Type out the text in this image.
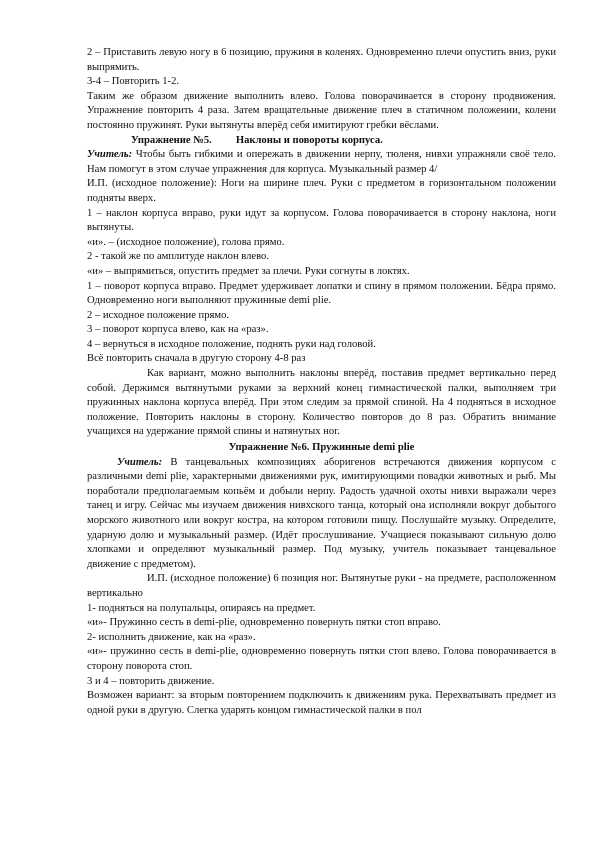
2 – Приставить левую ногу в 6 позицию, пружиня в коленях. Одновременно плечи опустить вниз, руки выпрямить.

3-4 – Повторить 1-2.

Таким же образом движение выполнить влево. Голова поворачивается в сторону продвижения. Упражнение повторить 4 раза. Затем вращательные движение плеч в статичном положении, колени постоянно пружинят. Руки вытянуты вперёд себя имитируют гребки вёслами.

Упражнение №5. Наклоны и повороты корпуса.

Учитель: Чтобы быть гибкими и опережать в движении нерпу, тюленя, нивхи упражняли своё тело. Нам помогут в этом случае упражнения для корпуса. Музыкальный размер 4/

И.П. (исходное положение): Ноги на ширине плеч. Руки с предметом в горизонтальном положении подняты вверх.

1 – наклон корпуса вправо, руки идут за корпусом. Голова поворачивается в сторону наклона, ноги вытянуты.

«и». – (исходное положение), голова прямо.

2 - такой же по амплитуде наклон влево.

«и» – выпрямиться, опустить предмет за плечи. Руки согнуты в локтях.

1 – поворот корпуса вправо. Предмет удерживает лопатки и спину в прямом положении. Бёдра прямо. Одновременно ноги выполняют пружинные demi plie.

2 – исходное положение прямо.

3 – поворот корпуса влево, как на «раз».

4 – вернуться в исходное положение, поднять руки над головой.

Всё повторить сначала в другую сторону 4-8 раз

Как вариант, можно выполнить наклоны вперёд, поставив предмет вертикально перед собой. Держимся вытянутыми руками за верхний конец гимнастической палки, выполняем три пружинных наклона корпуса вперёд. При этом следим за прямой спиной. На 4 подняться в исходное положение. Повторить наклоны в сторону. Количество повторов до 8 раз. Обратить внимание учащихся на удержание прямой спины и натянутых ног.

Упражнение №6. Пружинные demi plie

Учитель: В танцевальных композициях аборигенов встречаются движения корпусом с различными demi plie, характерными движениями рук, имитирующими повадки животных и рыб. Мы поработали предполагаемым копьём и добыли нерпу. Радость удачной охоты нивхи выражали через танец и игру. Сейчас мы изучаем движения нивхского танца, который она исполняли вокруг добытого морского животного или вокруг костра, на котором готовили пищу. Послушайте музыку. Определите, ударную долю и музыкальный размер. (Идёт прослушивание. Учащиеся показывают сильную долю хлопками и определяют музыкальный размер. Под музыку, учитель показывает танцевальное движение с предметом).

И.П. (исходное положение) 6 позиция ног. Вытянутые руки - на предмете, расположенном вертикально

1- подняться на полупальцы, опираясь на предмет.

«и»- Пружинно сесть в demi-plie, одновременно повернуть пятки стоп вправо.

2- исполнить движение, как на «раз».

«и»- пружинно сесть в demi-plie, одновременно повернуть пятки стоп влево. Голова поворачивается в сторону поворота стоп.

3 и 4 – повторить движение.

Возможен вариант: за вторым повторением подключить к движениям рука. Перехватывать предмет из одной руки в другую. Слегка ударять концом гимнастической палки в пол
